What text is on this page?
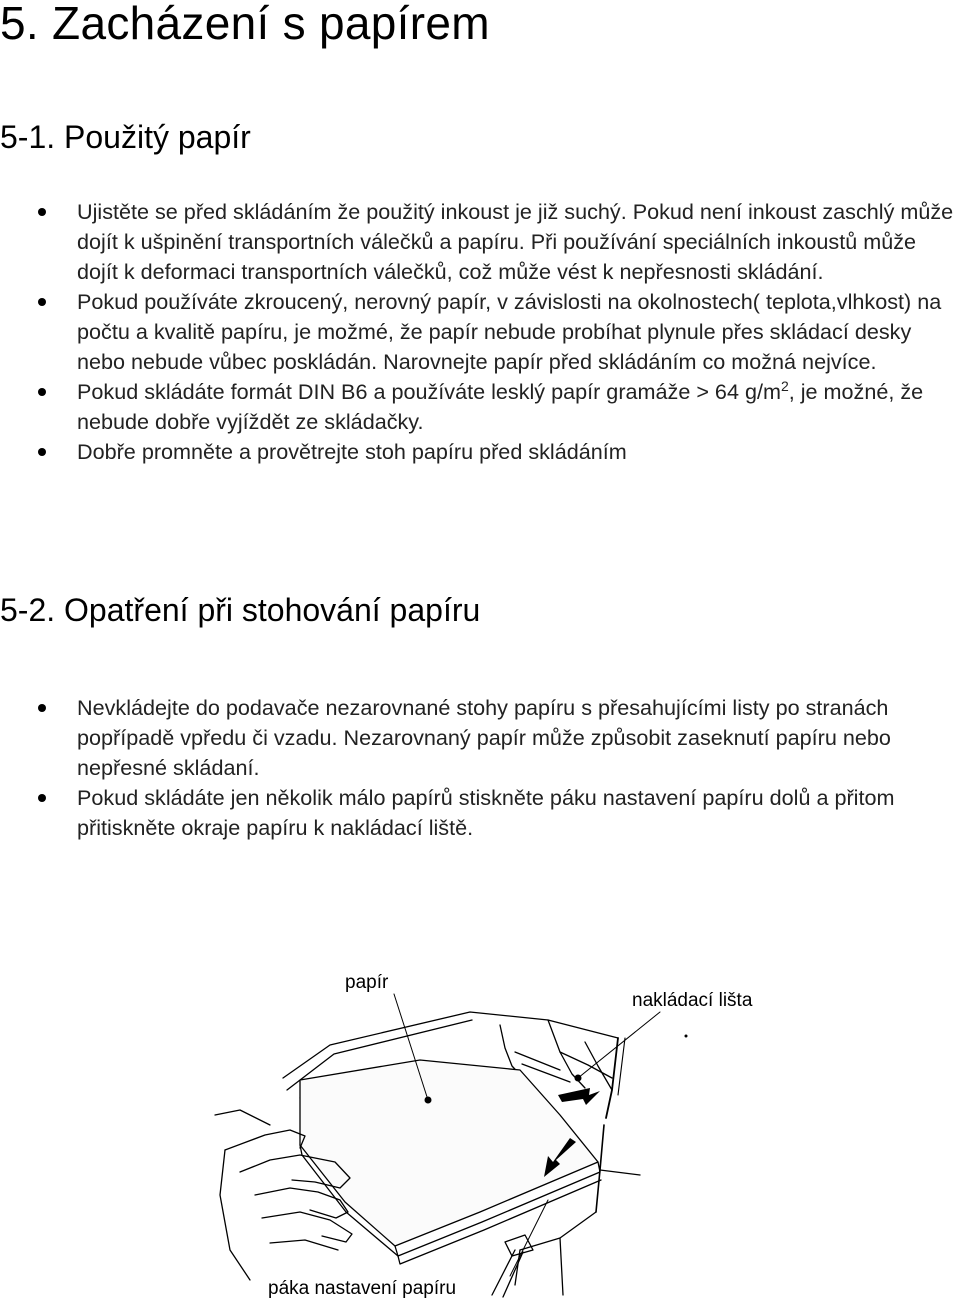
5. Zacházení s papírem
5-1. Použitý papír
Ujistěte se před skládáním že použitý inkoust je již suchý. Pokud není inkoust zaschlý může dojít k ušpinění transportních válečků a papíru. Při používání speciálních inkoustů může dojít k deformaci transportních válečků, což může vést k nepřesnosti skládání.
Pokud používáte zkroucený, nerovný papír, v závislosti na okolnostech( teplota,vlhkost) na počtu a kvalitě papíru, je možmé, že papír nebude probíhat plynule přes skládací desky nebo nebude vůbec poskládán. Narovnejte papír před skládáním co možná nejvíce.
Pokud skládáte formát DIN B6 a používáte lesklý papír gramáže > 64 $g/m^2$, je možné, že nebude dobře vyjíždět ze skládačky.
Dobře promněte a provětrejte stoh papíru před skládáním
5-2. Opatření při stohování papíru
Nevkládejte do podavače nezarovnané stohy papíru s přesahujícími listy po stranách popřípadě vpředu či vzadu. Nezarovnaný papír může způsobit zaseknutí papíru nebo nepřesné skládaní.
Pokud skládáte jen několik málo papírů stiskněte páku nastavení papíru dolů a přitom přitiskněte okraje papíru k nakládací liště.
papír
nakládací lišta
páka nastavení papíru
